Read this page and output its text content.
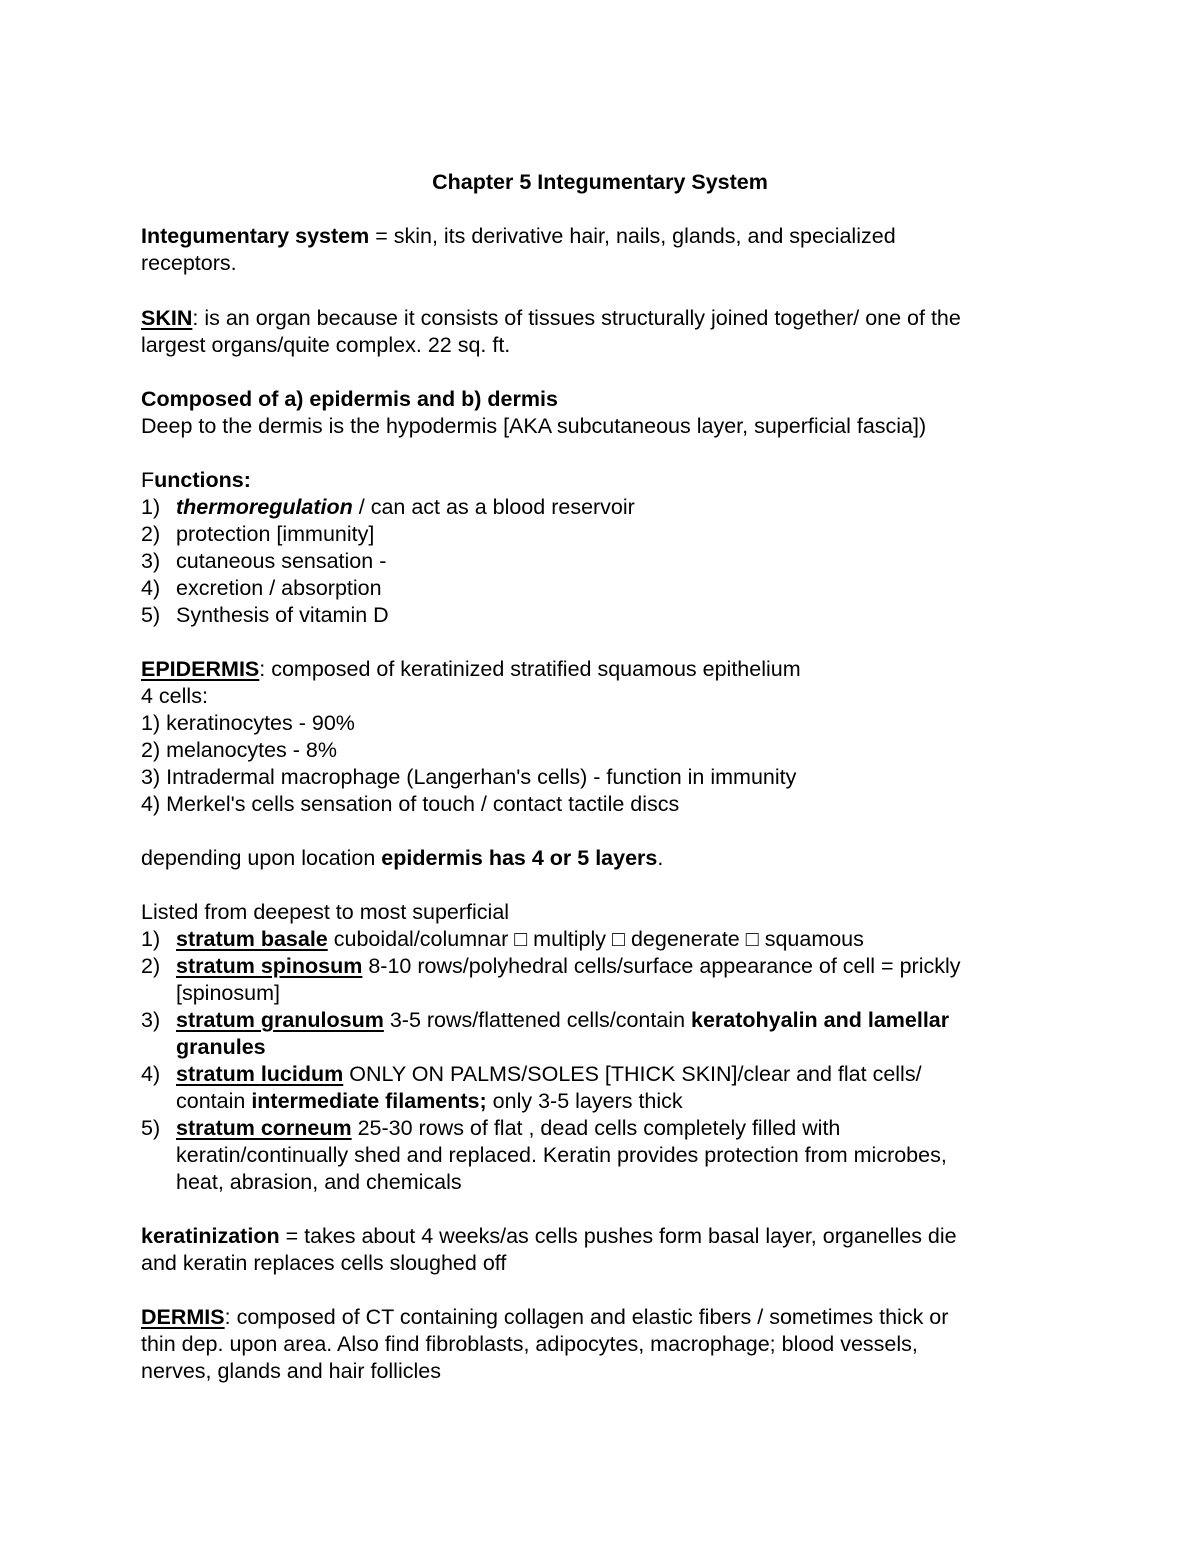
Chapter 5 Integumentary System
Integumentary system = skin, its derivative hair, nails, glands, and specialized
receptors.
SKIN: is an organ because it consists of tissues structurally joined together/ one of the
largest organs/quite complex. 22 sq. ft.
Composed of a) epidermis and b) dermis
Deep to the dermis is the hypodermis [AKA subcutaneous layer, superficial fascia])
Functions:
1) thermoregulation / can act as a blood reservoir
2) protection [immunity]
3) cutaneous sensation -
4) excretion / absorption
5) Synthesis of vitamin D
EPIDERMIS: composed of keratinized stratified squamous epithelium
4 cells:
1) keratinocytes - 90%
2) melanocytes - 8%
3) Intradermal macrophage (Langerhan's cells) - function in immunity
4) Merkel's cells sensation of touch / contact tactile discs
depending upon location epidermis has 4 or 5 layers.
Listed from deepest to most superficial
1) stratum basale cuboidal/columnar □ multiply □ degenerate □ squamous
2) stratum spinosum 8-10 rows/polyhedral cells/surface appearance of cell = prickly
[spinosum]
3) stratum granulosum 3-5 rows/flattened cells/contain keratohyalin and lamellar
granules
4) stratum lucidum ONLY ON PALMS/SOLES [THICK SKIN]/clear and flat cells/
contain intermediate filaments; only 3-5 layers thick
5) stratum corneum 25-30 rows of flat , dead cells completely filled with
keratin/continually shed and replaced. Keratin provides protection from microbes,
heat, abrasion, and chemicals
keratinization = takes about 4 weeks/as cells pushes form basal layer, organelles die
and keratin replaces cells sloughed off
DERMIS: composed of CT containing collagen and elastic fibers / sometimes thick or
thin dep. upon area. Also find fibroblasts, adipocytes, macrophage; blood vessels,
nerves, glands and hair follicles
